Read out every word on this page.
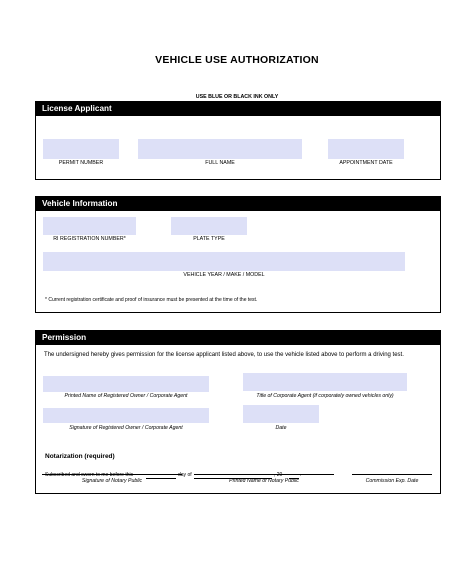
VEHICLE USE AUTHORIZATION
USE BLUE OR BLACK INK ONLY
License Applicant
PERMIT NUMBER	FULL NAME	APPOINTMENT DATE
Vehicle Information
RI REGISTRATION NUMBER*	PLATE TYPE
VEHICLE YEAR / MAKE / MODEL
* Current registration certificate and proof of insurance must be presented at the time of the test.
Permission
The undersigned hereby gives permission for the license applicant listed above, to use the vehicle listed above to perform a driving test.
Printed Name of Registered Owner / Corporate Agent	Title of Corporate Agent (if corporately owned vehicles only)
Signature of Registered Owner / Corporate Agent	Date
Notarization (required)
Subscribed and sworn to me before this	day of	, 20	.
Signature of Notary Public	Printed Name of Notary Public	Commission Exp. Date
